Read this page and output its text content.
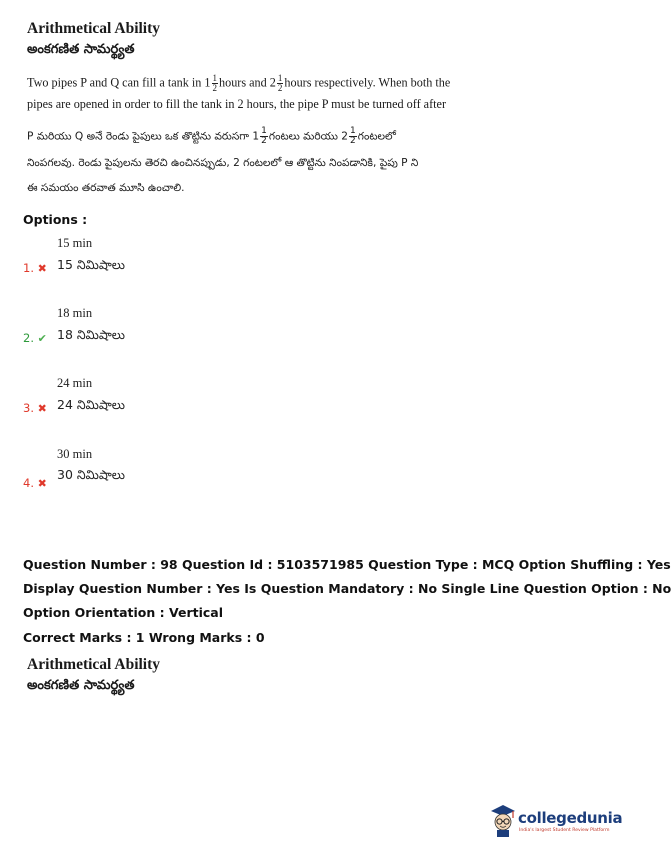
Arithmetical Ability
అంకగణిత సామర్థ్యత
Two pipes P and Q can fill a tank in $1 \frac{1}{2}$ hours and $2 \frac{1}{2}$ hours respectively. When both the
pipes are opened in order to fill the tank in 2 hours, the pipe P must be turned off after
P మరియు Q అనే రెండు పైపులు ఒక తొట్టిను వరుసగా $1 \frac{1}{2}$ గంటలు మరియు $2 \frac{1}{2}$ గంటలలో
నింపగలవు. రెండు పైపులను తెరచి ఉంచినప్పుడు, 2 గంటలలో ఆ తొట్టిను నింపడానికి, పైపు P ని
ఈ సమయం తరవాత మూసి ఉంచాలి.
Options :
15 min
1. ✖ 15 నిమిషాలు
18 min
2. ✔ 18 నిమిషాలు
24 min
3. ✖ 24 నిమిషాలు
30 min
4. ✖
30 నిమిషాలు
Question Number : 98 Question Id : 5103571985 Question Type : MCQ Option Shuffling : Yes
Display Question Number : Yes Is Question Mandatory : No Single Line Question Option : No
Option Orientation : Vertical
Correct Marks : 1 Wrong Marks : 0
Arithmetical Ability
అంకగణిత సామర్థ్యత
collegedunia
India's largest Student Review Platform
